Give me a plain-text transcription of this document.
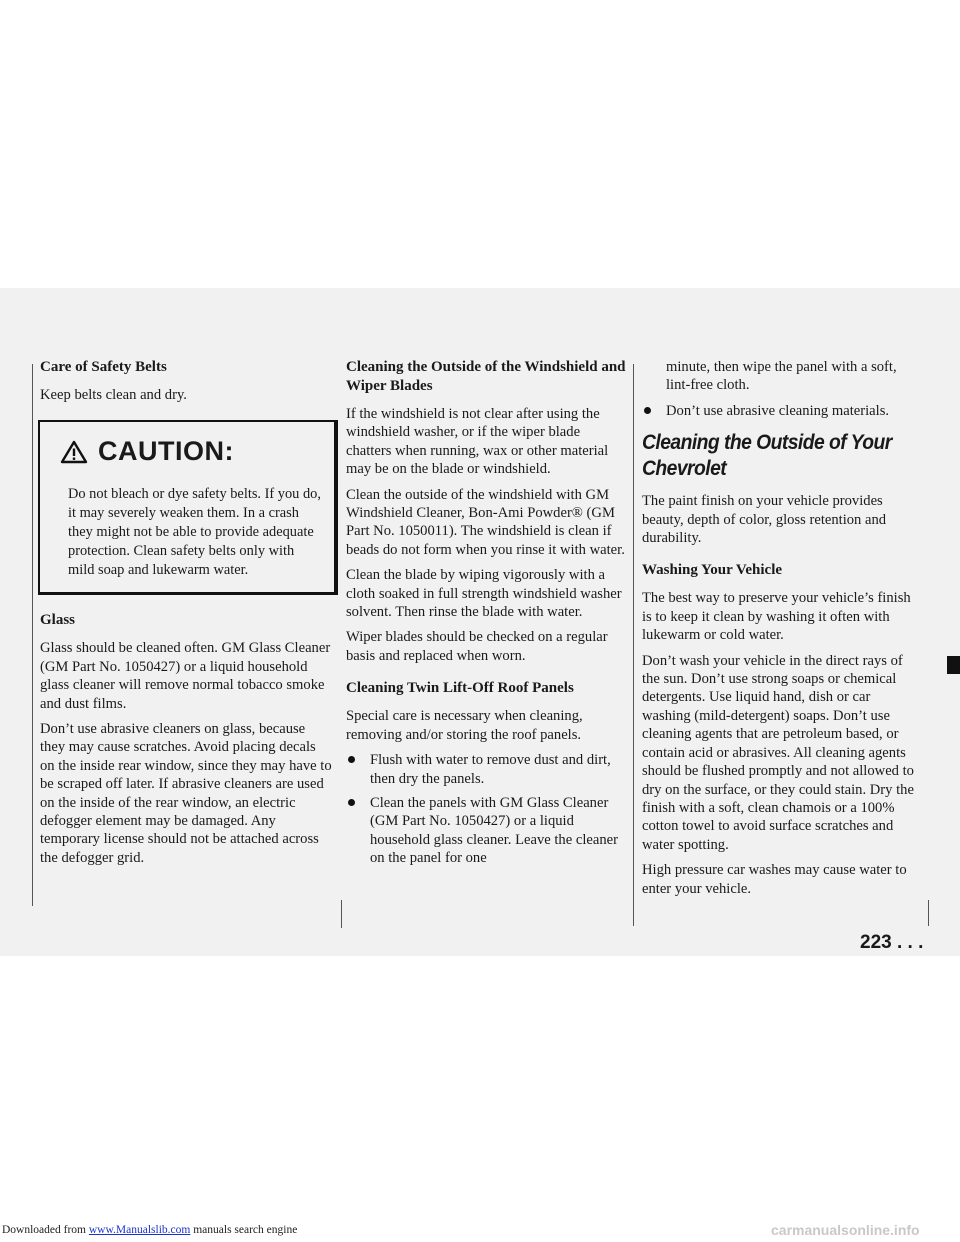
Care of Safety Belts

Keep belts clean and dry.

CAUTION:

Do not bleach or dye safety belts. If you do, it may severely weaken them. In a crash they might not be able to provide adequate protection. Clean safety belts only with mild soap and lukewarm water.

Glass

Glass should be cleaned often. GM Glass Cleaner (GM Part No. 1050427) or a liquid household glass cleaner will remove normal tobacco smoke and dust films.

Don’t use abrasive cleaners on glass, because they may cause scratches. Avoid placing decals on the inside rear window, since they may have to be scraped off later. If abrasive cleaners are used on the inside of the rear window, an electric defogger element may be damaged. Any temporary license should not be attached across the defogger grid.

Cleaning the Outside of the Windshield and Wiper Blades

If the windshield is not clear after using the windshield washer, or if the wiper blade chatters when running, wax or other material may be on the blade or windshield.

Clean the outside of the windshield with GM Windshield Cleaner, Bon-Ami Powder® (GM Part No. 1050011). The windshield is clean if beads do not form when you rinse it with water.

Clean the blade by wiping vigorously with a cloth soaked in full strength windshield washer solvent. Then rinse the blade with water.

Wiper blades should be checked on a regular basis and replaced when worn.

Cleaning Twin Lift-Off Roof Panels

Special care is necessary when cleaning, removing and/or storing the roof panels.

Flush with water to remove dust and dirt, then dry the panels.

Clean the panels with GM Glass Cleaner (GM Part No. 1050427) or a liquid household glass cleaner. Leave the cleaner on the panel for one

minute, then wipe the panel with a soft, lint-free cloth.

Don’t use abrasive cleaning materials.

Cleaning the Outside of Your Chevrolet

The paint finish on your vehicle provides beauty, depth of color, gloss retention and durability.

Washing Your Vehicle

The best way to preserve your vehicle’s finish is to keep it clean by washing it often with lukewarm or cold water.

Don’t wash your vehicle in the direct rays of the sun. Don’t use strong soaps or chemical detergents. Use liquid hand, dish or car washing (mild-detergent) soaps. Don’t use cleaning agents that are petroleum based, or contain acid or abrasives. All cleaning agents should be flushed promptly and not allowed to dry on the surface, or they could stain. Dry the finish with a soft, clean chamois or a 100% cotton towel to avoid surface scratches and water spotting.

High pressure car washes may cause water to enter your vehicle.

223 . . .
Downloaded from www.Manualslib.com manuals search engine	carmanualsonline.info
